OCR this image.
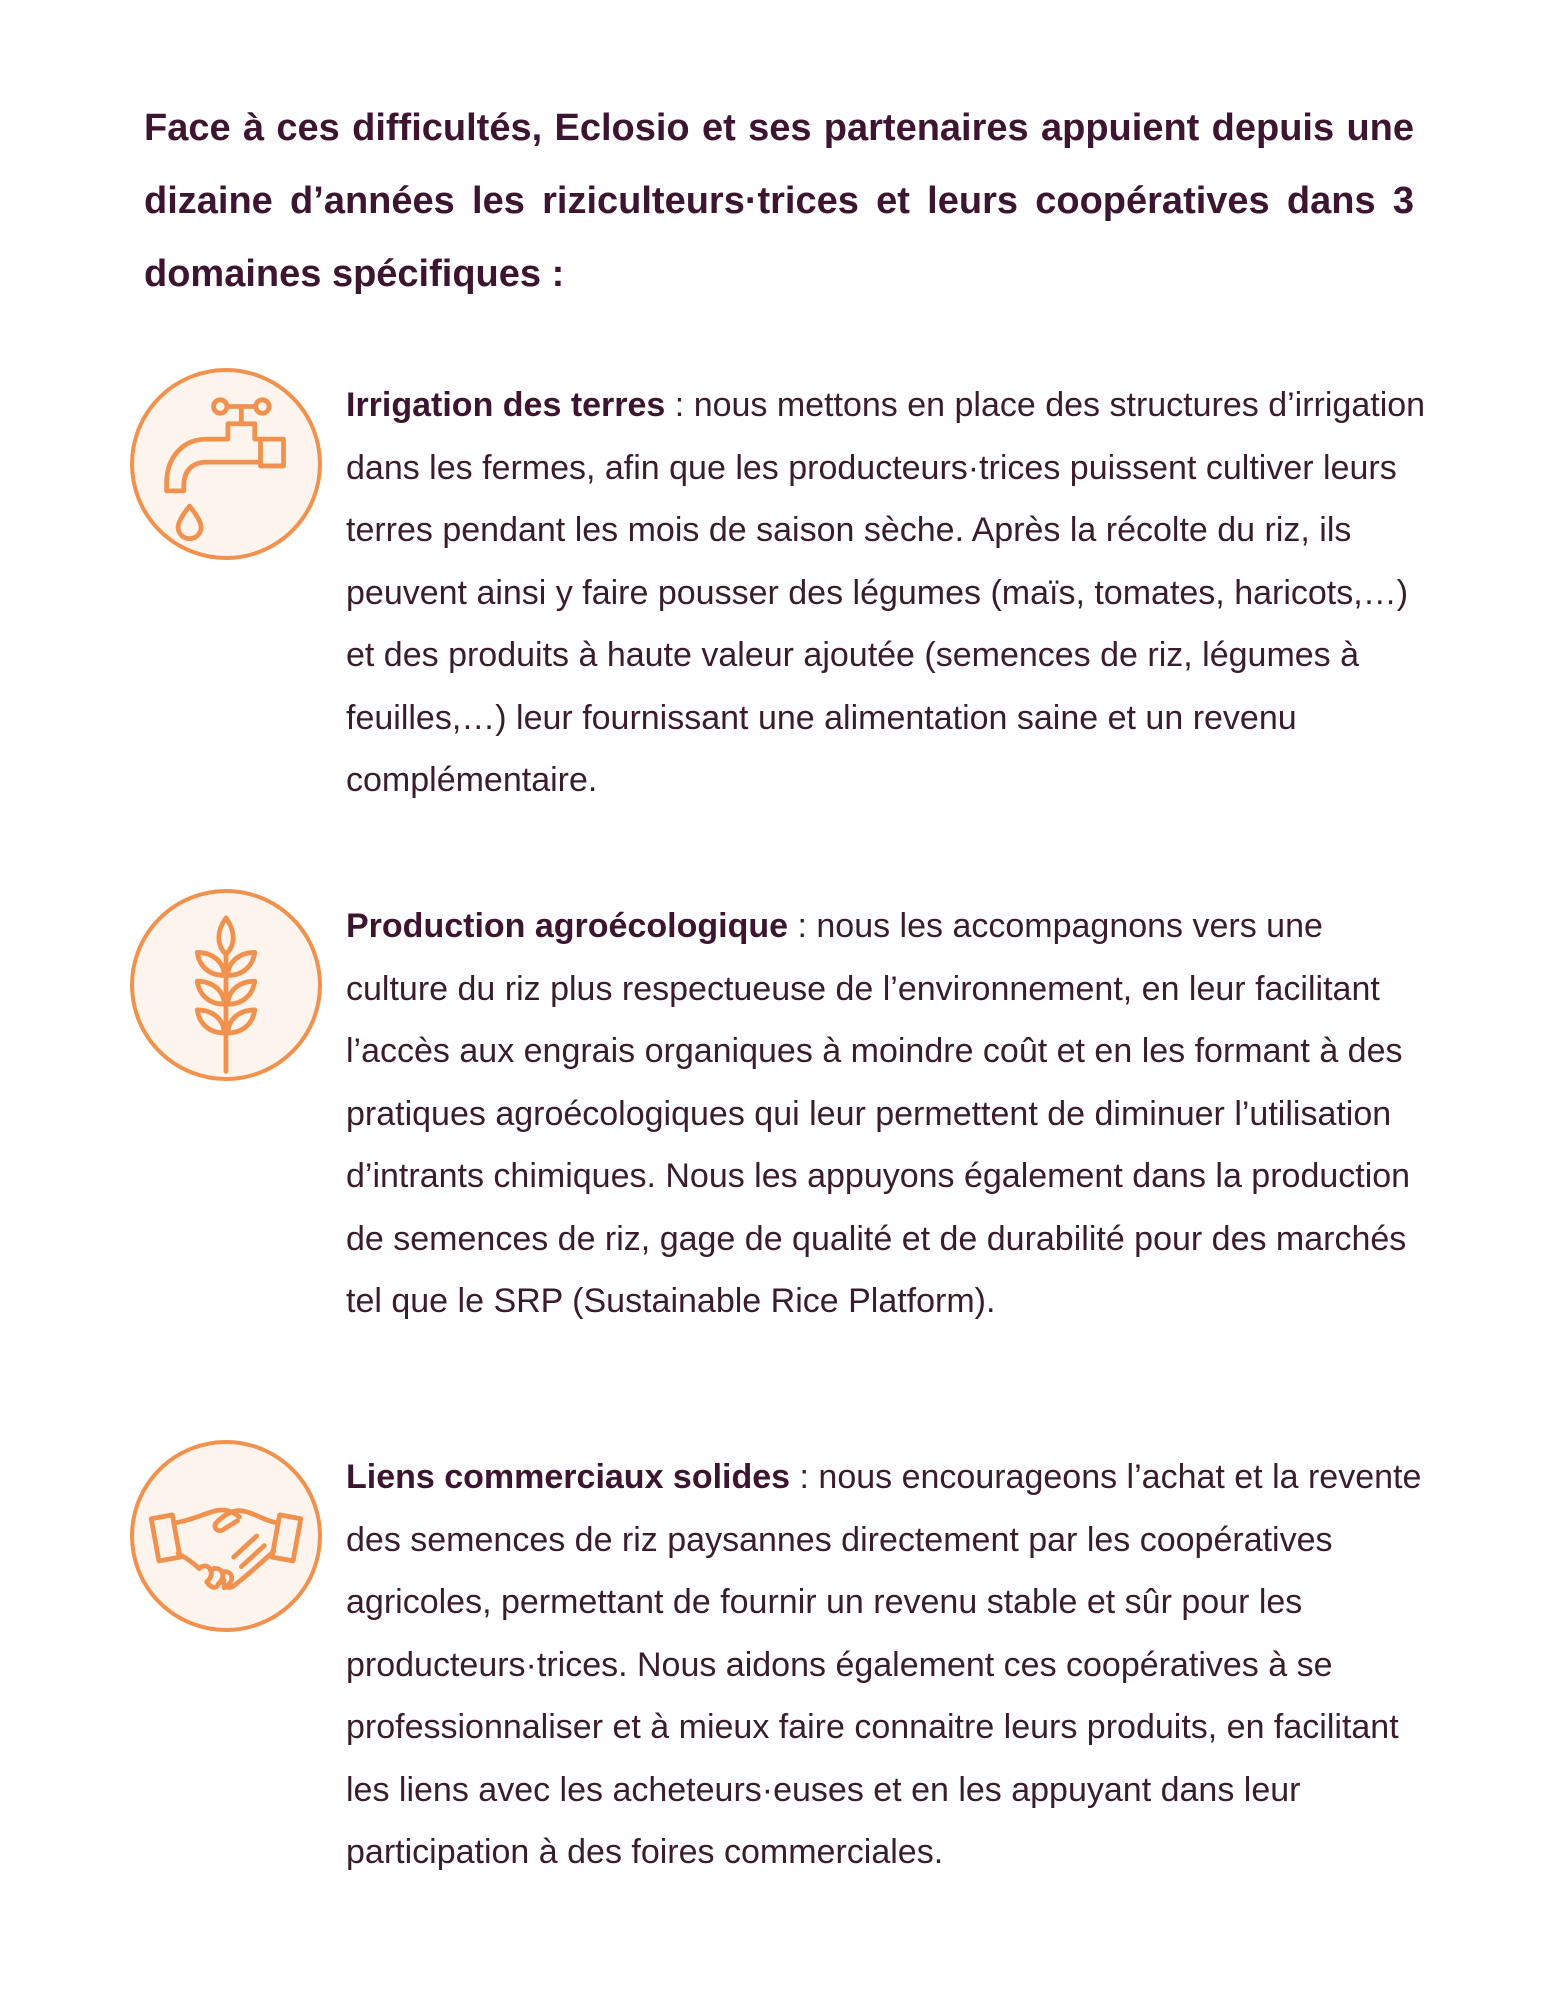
Face à ces difficultés, Eclosio et ses partenaires appuient depuis une dizaine d’années les riziculteurs·trices et leurs coopératives dans 3 domaines spécifiques :

Irrigation des terres : nous mettons en place des structures d’irrigation dans les fermes, afin que les producteurs·trices puissent cultiver leurs terres pendant les mois de saison sèche. Après la récolte du riz, ils peuvent ainsi y faire pousser des légumes (maïs, tomates, haricots,…) et des produits à haute valeur ajoutée (semences de riz, légumes à feuilles,…) leur fournissant une alimentation saine et un revenu complémentaire.

Production agroécologique : nous les accompagnons vers une culture du riz plus respectueuse de l’environnement, en leur facilitant l’accès aux engrais organiques à moindre coût et en les formant à des pratiques agroécologiques qui leur permettent de diminuer l’utilisation d’intrants chimiques. Nous les appuyons également dans la production de semences de riz, gage de qualité et de durabilité pour des marchés tel que le SRP (Sustainable Rice Platform).

Liens commerciaux solides : nous encourageons l’achat et la revente des semences de riz paysannes directement par les coopératives agricoles, permettant de fournir un revenu stable et sûr pour les producteurs·trices. Nous aidons également ces coopératives à se professionnaliser et à mieux faire connaitre leurs produits, en facilitant les liens avec les acheteurs·euses et en les appuyant dans leur participation à des foires commerciales.
